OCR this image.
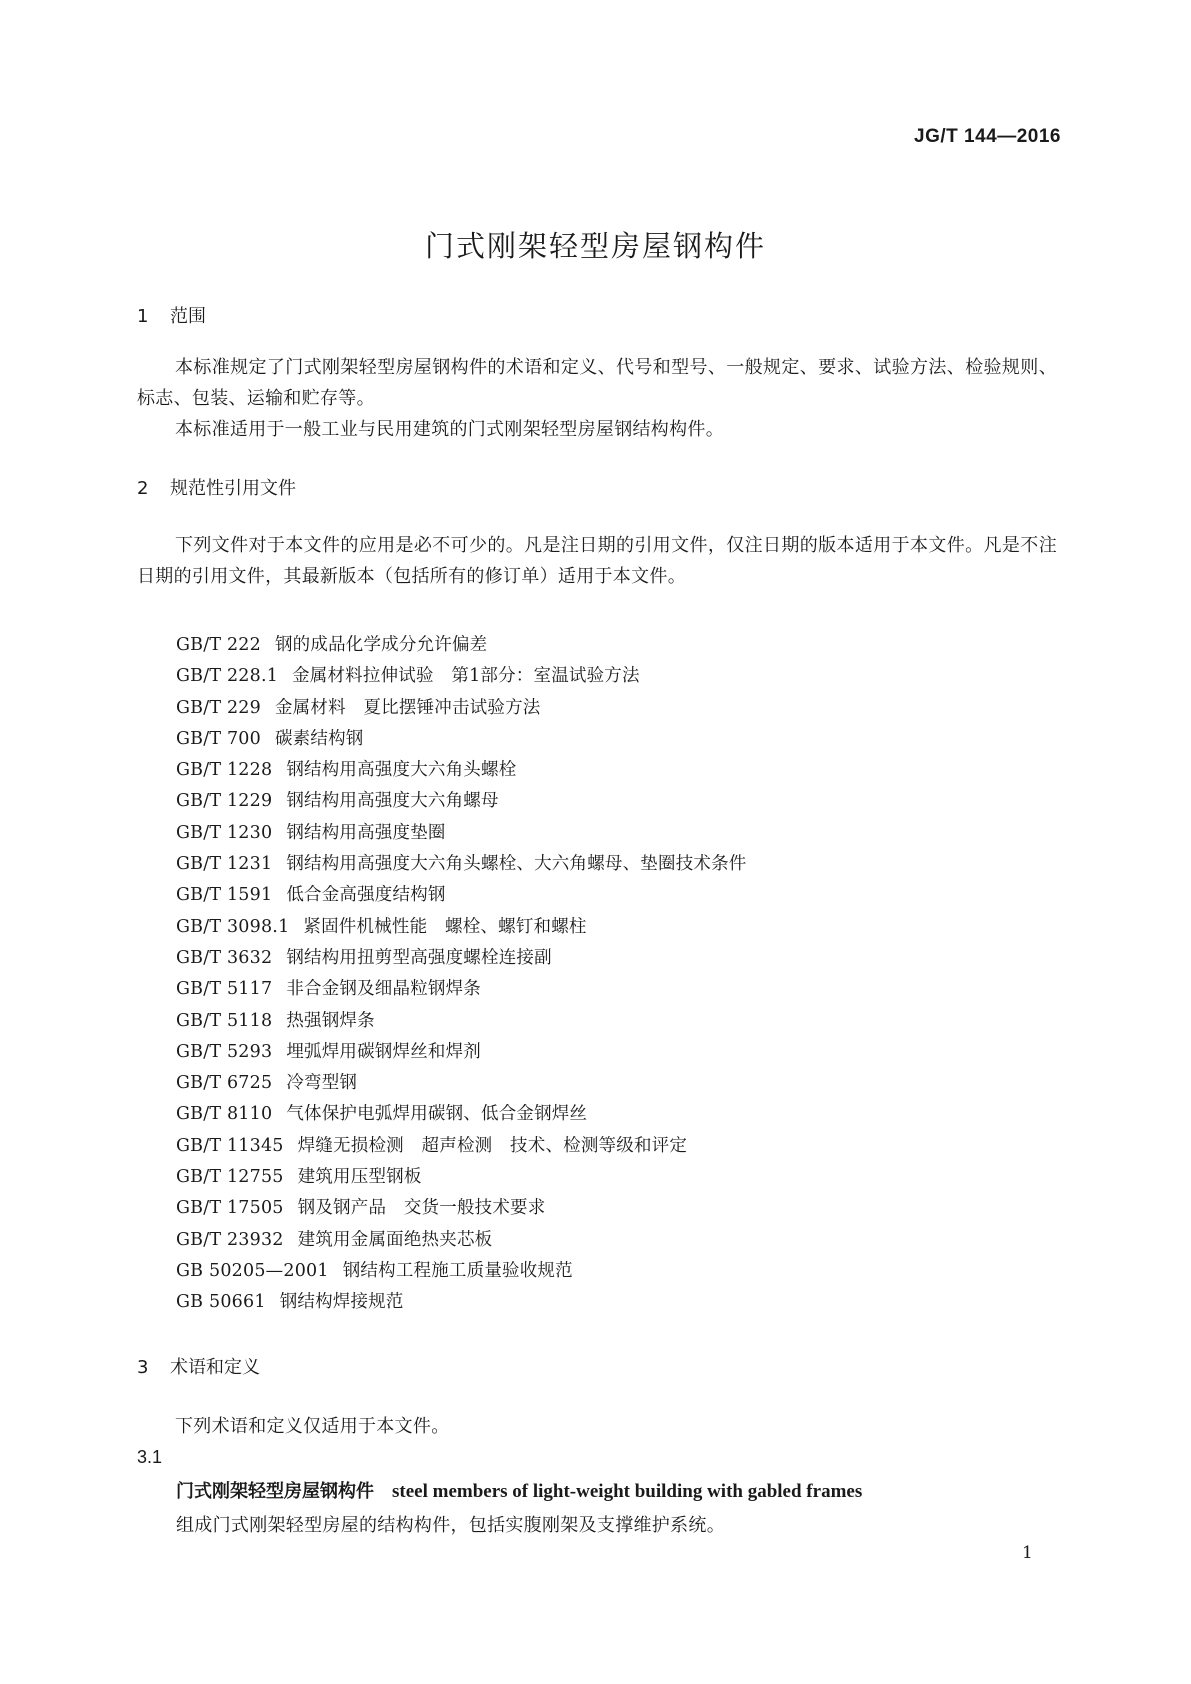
JG/T 144—2016
门式刚架轻型房屋钢构件
1 范围
本标准规定了门式刚架轻型房屋钢构件的术语和定义、代号和型号、一般规定、要求、试验方法、检验规则、标志、包装、运输和贮存等。
本标准适用于一般工业与民用建筑的门式刚架轻型房屋钢结构构件。
2 规范性引用文件
下列文件对于本文件的应用是必不可少的。凡是注日期的引用文件，仅注日期的版本适用于本文件。凡是不注日期的引用文件，其最新版本（包括所有的修订单）适用于本文件。
GB/T 222 钢的成品化学成分允许偏差
GB/T 228.1 金属材料拉伸试验　第1部分：室温试验方法
GB/T 229 金属材料　夏比摆锤冲击试验方法
GB/T 700 碳素结构钢
GB/T 1228 钢结构用高强度大六角头螺栓
GB/T 1229 钢结构用高强度大六角螺母
GB/T 1230 钢结构用高强度垫圈
GB/T 1231 钢结构用高强度大六角头螺栓、大六角螺母、垫圈技术条件
GB/T 1591 低合金高强度结构钢
GB/T 3098.1 紧固件机械性能　螺栓、螺钉和螺柱
GB/T 3632 钢结构用扭剪型高强度螺栓连接副
GB/T 5117 非合金钢及细晶粒钢焊条
GB/T 5118 热强钢焊条
GB/T 5293 埋弧焊用碳钢焊丝和焊剂
GB/T 6725 冷弯型钢
GB/T 8110 气体保护电弧焊用碳钢、低合金钢焊丝
GB/T 11345 焊缝无损检测　超声检测　技术、检测等级和评定
GB/T 12755 建筑用压型钢板
GB/T 17505 钢及钢产品　交货一般技术要求
GB/T 23932 建筑用金属面绝热夹芯板
GB 50205—2001 钢结构工程施工质量验收规范
GB 50661 钢结构焊接规范
3 术语和定义
下列术语和定义仅适用于本文件。
3.1
门式刚架轻型房屋钢构件 steel members of light-weight building with gabled frames
组成门式刚架轻型房屋的结构构件，包括实腹刚架及支撑维护系统。
1
